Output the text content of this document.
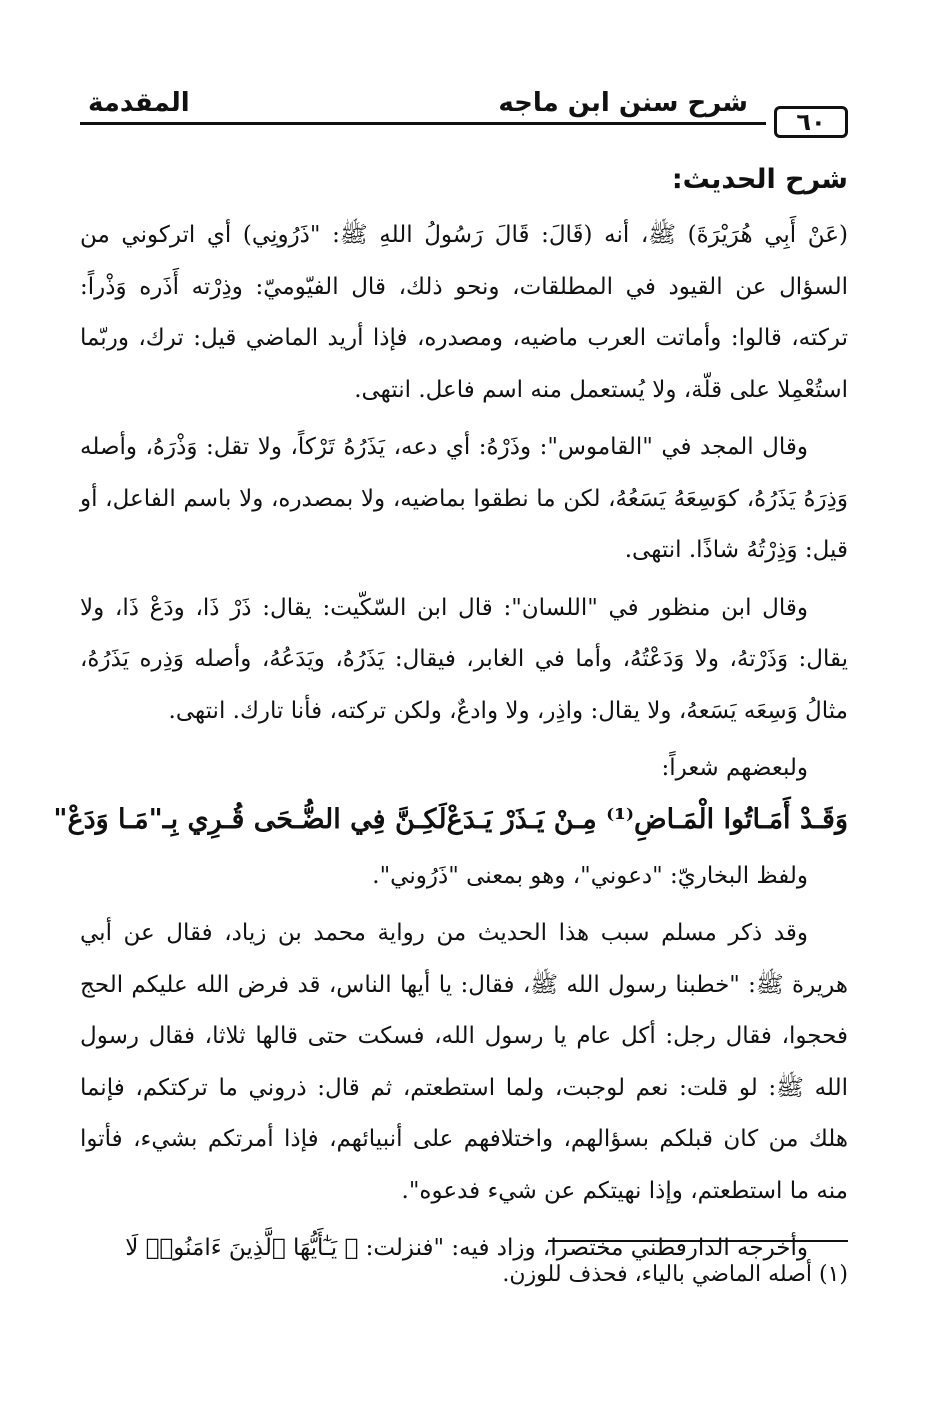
المقدمة	شرح سنن ابن ماجه
٦٠
شرح الحديث:

(عَنْ أَبِي هُرَيْرَةَ) ﷺ، أنه (قَالَ: قَالَ رَسُولُ اللهِ ﷺ: "ذَرُونِي) أي اتركوني من السؤال عن القيود في المطلقات، ونحو ذلك، قال الفيّوميّ: وذِرْته أَذَره وَذْراً: تركته، قالوا: وأماتت العرب ماضيه، ومصدره، فإذا أريد الماضي قيل: ترك، وربّما استُعْمِلا على قلّة، ولا يُستعمل منه اسم فاعل. انتهى.

وقال المجد في "القاموس": وذَرْهُ: أي دعه، يَذَرُهُ تَرْكاً، ولا تقل: وَذْرَهُ، وأصله وَذِرَهُ يَذَرُهُ، كوَسِعَهُ يَسَعُهُ، لكن ما نطقوا بماضيه، ولا بمصدره، ولا باسم الفاعل، أو قيل: وَذِرْتُهُ شاذًا. انتهى.

وقال ابن منظور في "اللسان": قال ابن السّكّيت: يقال: ذَرْ ذَا، ودَعْ ذَا، ولا يقال: وَذَرْتهُ، ولا وَدَعْتُهُ، وأما في الغابر، فيقال: يَذَرُهُ، ويَدَعُهُ، وأصله وَذِره يَذَرُهُ، مثالُ وَسِعَه يَسَعهُ، ولا يقال: واذِر، ولا وادعٌ، ولكن تركته، فأنا تارك. انتهى.

ولبعضهم شعراً:

وَقَـدْ أَمَـاتُوا الْمَـاضِ⁽¹⁾ مِـنْ يَـذَرْ يَـدَعْ
لَكِـنَّ فِي الضُّـحَى قُـرِي بِـ"مَـا وَدَعْ"

ولفظ البخاريّ: "دعوني"، وهو بمعنى "ذَرُوني".

وقد ذكر مسلم سبب هذا الحديث من رواية محمد بن زياد، فقال عن أبي هريرة ﷺ: "خطبنا رسول الله ﷺ، فقال: يا أيها الناس، قد فرض الله عليكم الحج فحجوا، فقال رجل: أكل عام يا رسول الله، فسكت حتى قالها ثلاثا، فقال رسول الله ﷺ: لو قلت: نعم لوجبت، ولما استطعتم، ثم قال: ذروني ما تركتكم، فإنما هلك من كان قبلكم بسؤالهم، واختلافهم على أنبيائهم، فإذا أمرتكم بشيء، فأتوا منه ما استطعتم، وإذا نهيتكم عن شيء فدعوه".

وأخرجه الدارقطني مختصرا، وزاد فيه: "فنزلت: ﴿ يَـٰٓأَيُّهَا ٱلَّذِينَ ءَامَنُوا۟ لَا

(١) أصله الماضي بالياء، فحذف للوزن.
